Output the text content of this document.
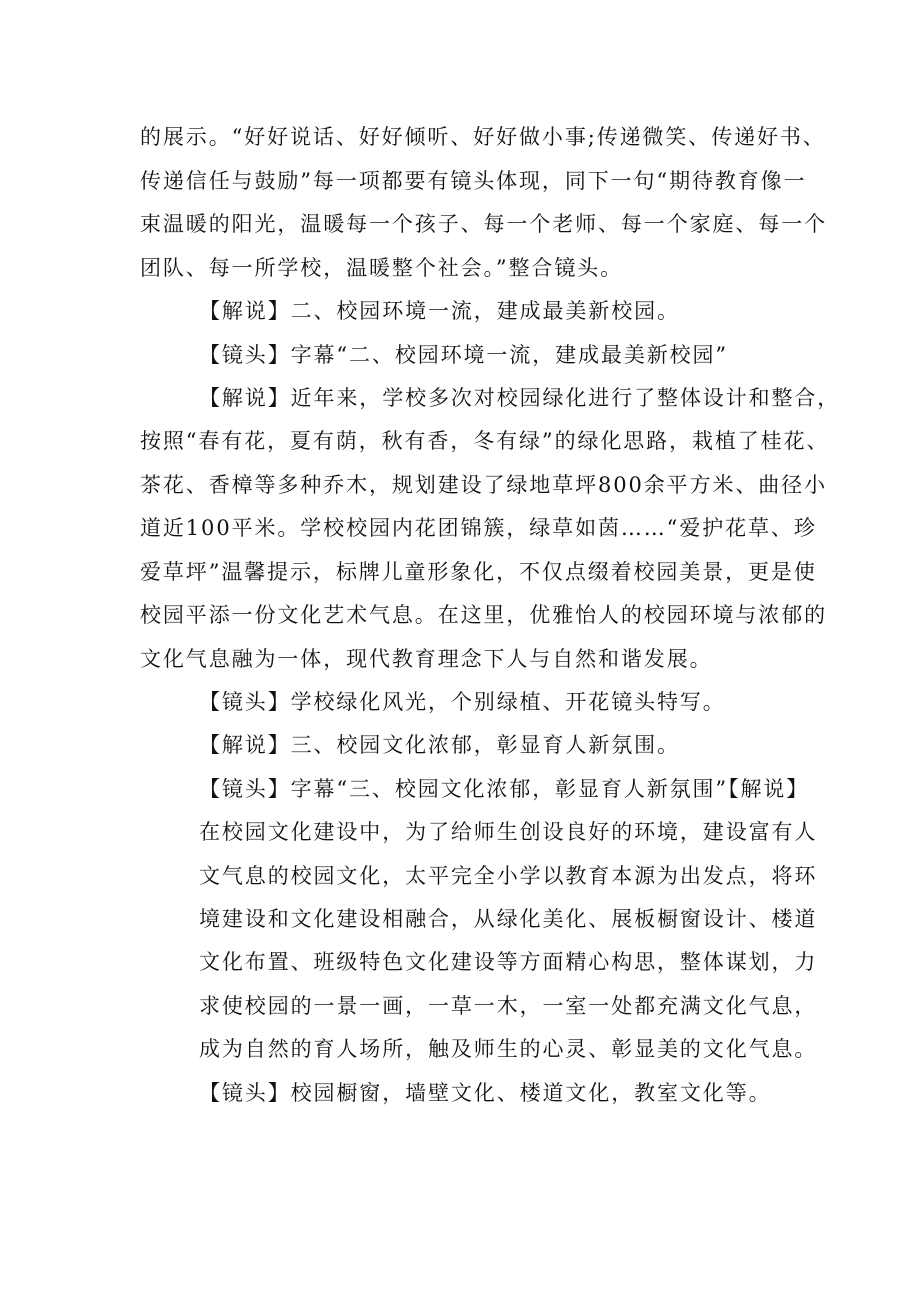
的展示。“好好说话、好好倾听、好好做小事;传递微笑、传递好书、
传递信任与鼓励”每一项都要有镜头体现，同下一句“期待教育像一
束温暖的阳光，温暖每一个孩子、每一个老师、每一个家庭、每一个
团队、每一所学校，温暖整个社会。”整合镜头。
【解说】二、校园环境一流，建成最美新校园。
【镜头】字幕“二、校园环境一流，建成最美新校园”
【解说】近年来，学校多次对校园绿化进行了整体设计和整合，
按照“春有花，夏有荫，秋有香，冬有绿”的绿化思路，栽植了桂花、
茶花、香樟等多种乔木，规划建设了绿地草坪800余平方米、曲径小
道近100平米。学校校园内花团锦簇，绿草如茵……“爱护花草、珍
爱草坪”温馨提示，标牌儿童形象化，不仅点缀着校园美景，更是使
校园平添一份文化艺术气息。在这里，优雅怡人的校园环境与浓郁的
文化气息融为一体，现代教育理念下人与自然和谐发展。
【镜头】学校绿化风光，个别绿植、开花镜头特写。
【解说】三、校园文化浓郁，彰显育人新氛围。
【镜头】字幕“三、校园文化浓郁，彰显育人新氛围”【解说】
在校园文化建设中，为了给师生创设良好的环境，建设富有人
文气息的校园文化，太平完全小学以教育本源为出发点，将环
境建设和文化建设相融合，从绿化美化、展板橱窗设计、楼道
文化布置、班级特色文化建设等方面精心构思，整体谋划，力
求使校园的一景一画，一草一木，一室一处都充满文化气息，
成为自然的育人场所，触及师生的心灵、彰显美的文化气息。
【镜头】校园橱窗，墙壁文化、楼道文化，教室文化等。
